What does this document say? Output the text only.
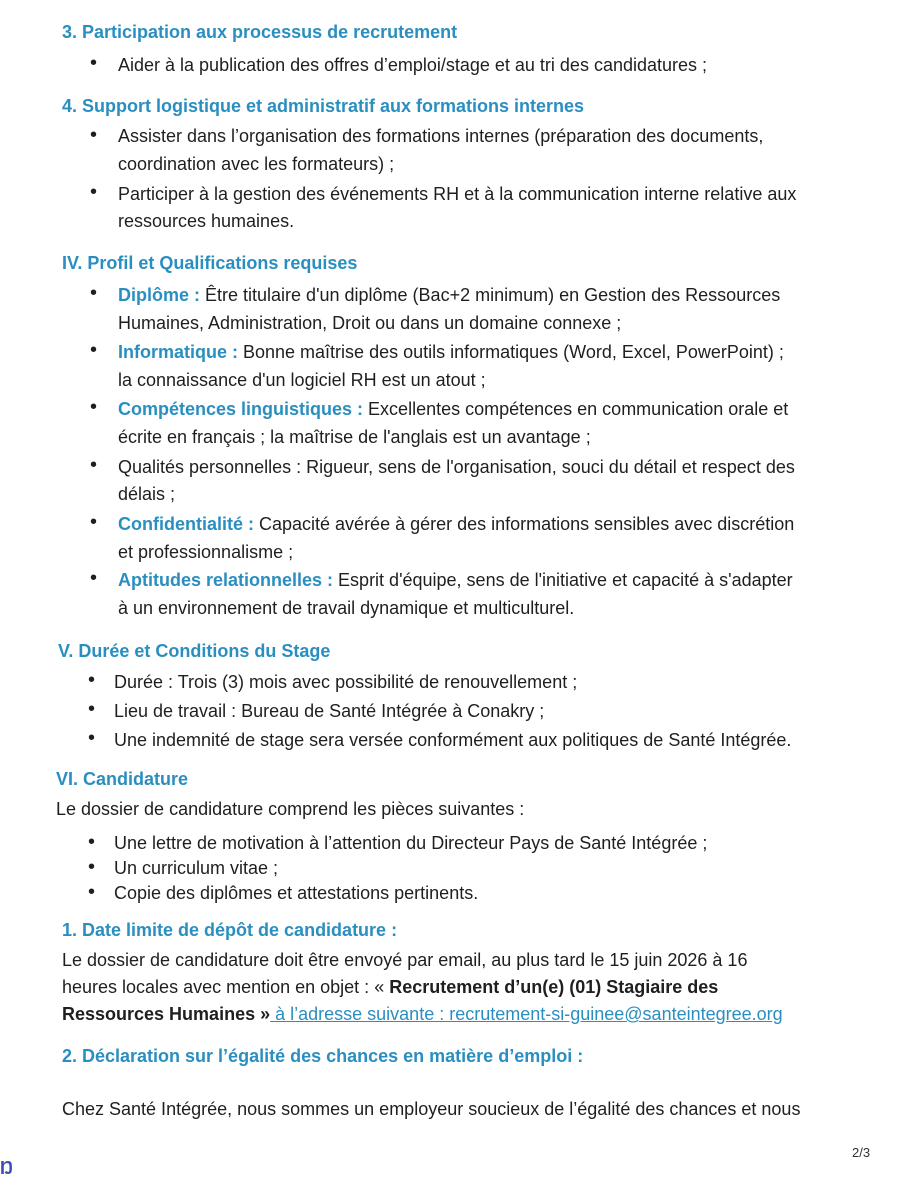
3. Participation aux processus de recrutement
• Aider à la publication des offres d’emploi/stage et au tri des candidatures ;
4. Support logistique et administratif aux formations internes
• Assister dans l’organisation des formations internes (préparation des documents,
coordination avec les formateurs) ;
• Participer à la gestion des événements RH et à la communication interne relative aux
ressources humaines.
IV. Profil et Qualifications requises
• Diplôme : Être titulaire d'un diplôme (Bac+2 minimum) en Gestion des Ressources
Humaines, Administration, Droit ou dans un domaine connexe ;
• Informatique : Bonne maîtrise des outils informatiques (Word, Excel, PowerPoint) ;
la connaissance d'un logiciel RH est un atout ;
• Compétences linguistiques : Excellentes compétences en communication orale et
écrite en français ; la maîtrise de l'anglais est un avantage ;
• Qualités personnelles : Rigueur, sens de l'organisation, souci du détail et respect des
délais ;
• Confidentialité : Capacité avérée à gérer des informations sensibles avec discrétion
et professionnalisme ;
• Aptitudes relationnelles : Esprit d'équipe, sens de l'initiative et capacité à s'adapter
à un environnement de travail dynamique et multiculturel.
V. Durée et Conditions du Stage
• Durée : Trois (3) mois avec possibilité de renouvellement ;
• Lieu de travail : Bureau de Santé Intégrée à Conakry ;
• Une indemnité de stage sera versée conformément aux politiques de Santé Intégrée.
VI. Candidature
Le dossier de candidature comprend les pièces suivantes :
• Une lettre de motivation à l’attention du Directeur Pays de Santé Intégrée ;
• Un curriculum vitae ;
• Copie des diplômes et attestations pertinents.
1. Date limite de dépôt de candidature :
Le dossier de candidature doit être envoyé par email, au plus tard le 15 juin 2026 à 16
heures locales avec mention en objet : « Recrutement d’un(e) (01) Stagiaire des
Ressources Humaines » à l’adresse suivante : recrutement-si-guinee@santeintegree.org
2. Déclaration sur l’égalité des chances en matière d’emploi :
Chez Santé Intégrée, nous sommes un employeur soucieux de l’égalité des chances et nous
2/3
Ŋ
